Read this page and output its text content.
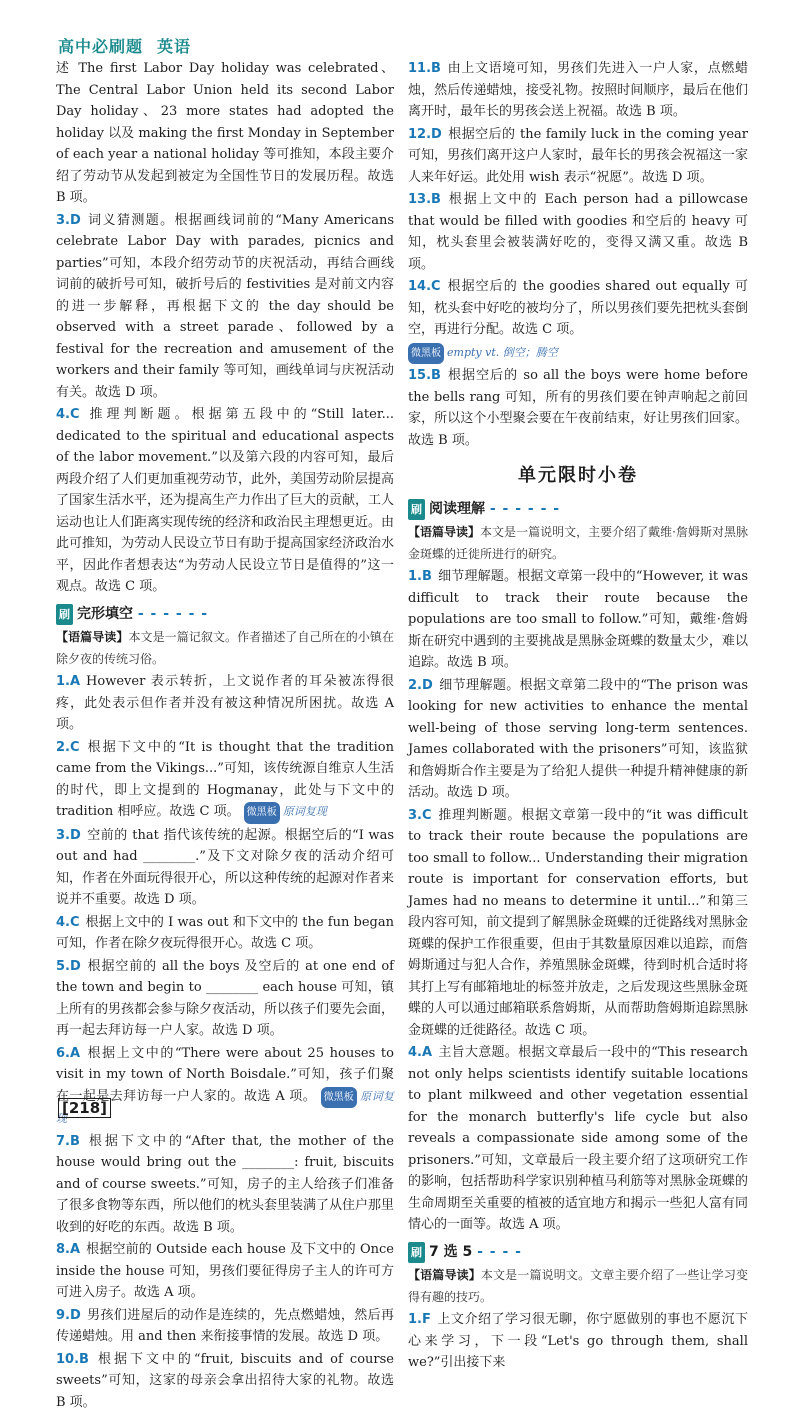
高中必刷题 英语

述 The first Labor Day holiday was celebrated、The Central Labor Union held its second Labor Day holiday、23 more states had adopted the holiday 以及 making the first Monday in September of each year a national holiday 等可推知，本段主要介绍了劳动节从发起到被定为全国性节日的发展历程。故选 B 项。

3.D 词义猜测题。根据画线词前的“Many Americans celebrate Labor Day with parades, picnics and parties”可知，本段介绍劳动节的庆祝活动，再结合画线词前的破折号可知，破折号后的 festivities 是对前文内容的进一步解释，再根据下文的 the day should be observed with a street parade、followed by a festival for the recreation and amusement of the workers and their family 等可知，画线单词与庆祝活动有关。故选 D 项。

4.C 推理判断题。根据第五段中的“Still later... dedicated to the spiritual and educational aspects of the labor movement.”以及第六段的内容可知，最后两段介绍了人们更加重视劳动节，此外，美国劳动阶层提高了国家生活水平，还为提高生产力作出了巨大的贡献，工人运动也让人们距离实现传统的经济和政治民主理想更近。由此可推知，为劳动人民设立节日有助于提高国家经济政治水平，因此作者想表达“为劳动人民设立节日是值得的”这一观点。故选 C 项。

刷 完形填空 - - - - - -

【语篇导读】本文是一篇记叙文。作者描述了自己所在的小镇在除夕夜的传统习俗。

1.A However 表示转折，上文说作者的耳朵被冻得很疼，此处表示但作者并没有被这种情况所困扰。故选 A 项。

2.C 根据下文中的“It is thought that the tradition came from the Vikings...”可知，该传统源自维京人生活的时代，即上文提到的 Hogmanay，此处与下文中的 tradition 相呼应。故选 C 项。 微黑板 原词复现

3.D 空前的 that 指代该传统的起源。根据空后的“I was out and had ________.”及下文对除夕夜的活动介绍可知，作者在外面玩得很开心，所以这种传统的起源对作者来说并不重要。故选 D 项。

4.C 根据上文中的 I was out 和下文中的 the fun began 可知，作者在除夕夜玩得很开心。故选 C 项。

5.D 根据空前的 all the boys 及空后的 at one end of the town and begin to ________ each house 可知，镇上所有的男孩都会参与除夕夜活动，所以孩子们要先会面，再一起去拜访每一户人家。故选 D 项。

6.A 根据上文中的“There were about 25 houses to visit in my town of North Boisdale.”可知，孩子们聚在一起是去拜访每一户人家的。故选 A 项。 微黑板 原词复现

7.B 根据下文中的“After that, the mother of the house would bring out the ________: fruit, biscuits and of course sweets.”可知，房子的主人给孩子们准备了很多食物等东西，所以他们的枕头套里装满了从住户那里收到的好吃的东西。故选 B 项。

8.A 根据空前的 Outside each house 及下文中的 Once inside the house 可知，男孩们要征得房子主人的许可方可进入房子。故选 A 项。

9.D 男孩们进屋后的动作是连续的，先点燃蜡烛，然后再传递蜡烛。用 and then 来衔接事情的发展。故选 D 项。

10.B 根据下文中的“fruit, biscuits and of course sweets”可知，这家的母亲会拿出招待大家的礼物。故选 B 项。

11.B 由上文语境可知，男孩们先进入一户人家，点燃蜡烛，然后传递蜡烛，接受礼物。按照时间顺序，最后在他们离开时，最年长的男孩会送上祝福。故选 B 项。

12.D 根据空后的 the family luck in the coming year 可知，男孩们离开这户人家时，最年长的男孩会祝福这一家人来年好运。此处用 wish 表示“祝愿”。故选 D 项。

13.B 根据上文中的 Each person had a pillowcase that would be filled with goodies 和空后的 heavy 可知，枕头套里会被装满好吃的，变得又满又重。故选 B 项。

14.C 根据空后的 the goodies shared out equally 可知，枕头套中好吃的被均分了，所以男孩们要先把枕头套倒空，再进行分配。故选 C 项。

微黑板 empty vt. 倒空；腾空

15.B 根据空后的 so all the boys were home before the bells rang 可知，所有的男孩们要在钟声响起之前回家，所以这个小型聚会要在午夜前结束，好让男孩们回家。故选 B 项。

单元限时小卷
刷 阅读理解 - - - - - -

【语篇导读】本文是一篇说明文，主要介绍了戴维·詹姆斯对黑脉金斑蝶的迁徙所进行的研究。

1.B 细节理解题。根据文章第一段中的“However, it was difficult to track their route because the populations are too small to follow.”可知，戴维·詹姆斯在研究中遇到的主要挑战是黑脉金斑蝶的数量太少，难以追踪。故选 B 项。

2.D 细节理解题。根据文章第二段中的“The prison was looking for new activities to enhance the mental well-being of those serving long-term sentences. James collaborated with the prisoners”可知，该监狱和詹姆斯合作主要是为了给犯人提供一种提升精神健康的新活动。故选 D 项。

3.C 推理判断题。根据文章第一段中的“it was difficult to track their route because the populations are too small to follow... Understanding their migration route is important for conservation efforts, but James had no means to determine it until...”和第三段内容可知，前文提到了解黑脉金斑蝶的迁徙路线对黑脉金斑蝶的保护工作很重要，但由于其数量原因难以追踪，而詹姆斯通过与犯人合作，养殖黑脉金斑蝶，待到时机合适时将其打上写有邮箱地址的标签并放走，之后发现这些黑脉金斑蝶的人可以通过邮箱联系詹姆斯，从而帮助詹姆斯追踪黑脉金斑蝶的迁徙路径。故选 C 项。

4.A 主旨大意题。根据文章最后一段中的“This research not only helps scientists identify suitable locations to plant milkweed and other vegetation essential for the monarch butterfly's life cycle but also reveals a compassionate side among some of the prisoners.”可知，文章最后一段主要介绍了这项研究工作的影响，包括帮助科学家识别种植马利筋等对黑脉金斑蝶的生命周期至关重要的植被的适宜地方和揭示一些犯人富有同情心的一面等。故选 A 项。

刷 7 选 5 - - - -

【语篇导读】本文是一篇说明文。文章主要介绍了一些让学习变得有趣的技巧。

1.F 上文介绍了学习很无聊，你宁愿做别的事也不愿沉下心来学习，下一段“Let's go through them, shall we?”引出接下来

[218]
